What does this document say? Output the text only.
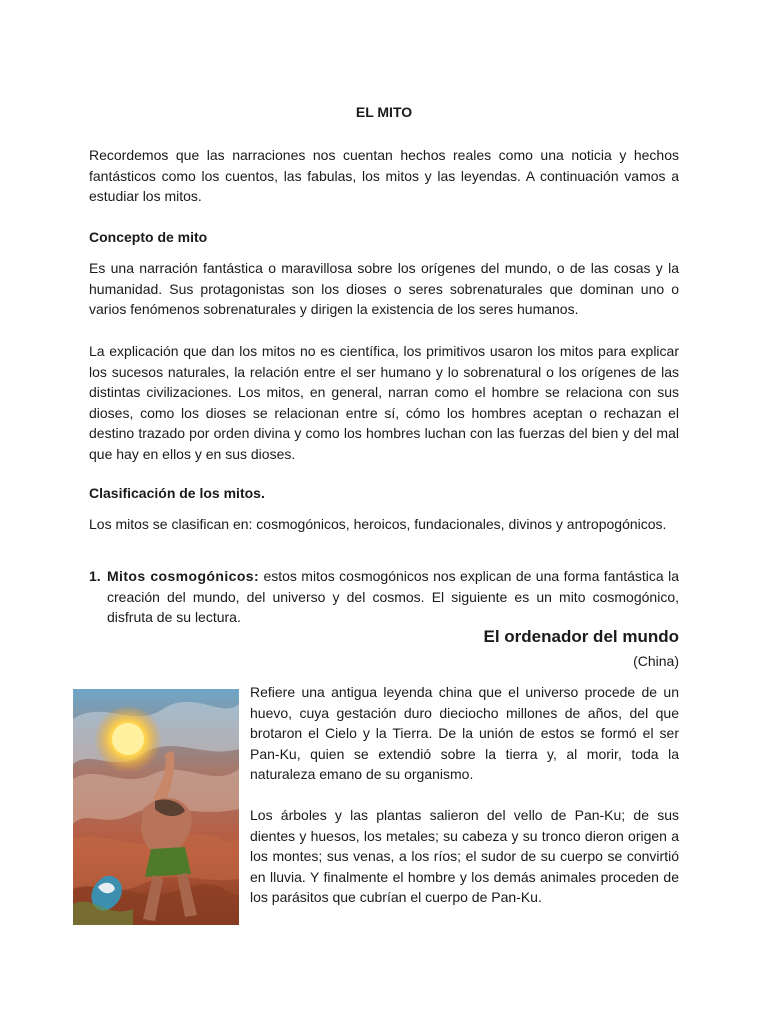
EL MITO

Recordemos que las narraciones nos cuentan hechos reales como una noticia y hechos fantásticos como los cuentos, las fabulas, los mitos y las leyendas. A continuación vamos a estudiar los mitos.

Concepto de mito

Es una narración fantástica o maravillosa sobre los orígenes del mundo, o de las cosas y la humanidad. Sus protagonistas son los dioses o seres sobrenaturales que dominan uno o varios fenómenos sobrenaturales y dirigen la existencia de los seres humanos.

La explicación que dan los mitos no es científica, los primitivos usaron los mitos para explicar los sucesos naturales, la relación entre el ser humano y lo sobrenatural o los orígenes de las distintas civilizaciones. Los mitos, en general, narran como el hombre se relaciona con sus dioses, como los dioses se relacionan entre sí, cómo los hombres aceptan o rechazan el destino trazado por orden divina y como los hombres luchan con las fuerzas del bien y del mal que hay en ellos y en sus dioses.

Clasificación de los mitos.

Los mitos se clasifican en: cosmogónicos, heroicos, fundacionales, divinos y antropogónicos.

1. Mitos cosmogónicos: estos mitos cosmogónicos nos explican de una forma fantástica la creación del mundo, del universo y del cosmos. El siguiente es un mito cosmogónico, disfruta de su lectura.
El ordenador del mundo
(China)

Refiere una antigua leyenda china que el universo procede de un huevo, cuya gestación duro dieciocho millones de años, del que brotaron el Cielo y la Tierra. De la unión de estos se formó el ser Pan-Ku, quien se extendió sobre la tierra y, al morir, toda la naturaleza emano de su organismo.

Los árboles y las plantas salieron del vello de Pan-Ku; de sus dientes y huesos, los metales; su cabeza y su tronco dieron origen a los montes; sus venas, a los ríos; el sudor de su cuerpo se convirtió en lluvia. Y finalmente el hombre y los demás animales proceden de los parásitos que cubrían el cuerpo de Pan-Ku.
